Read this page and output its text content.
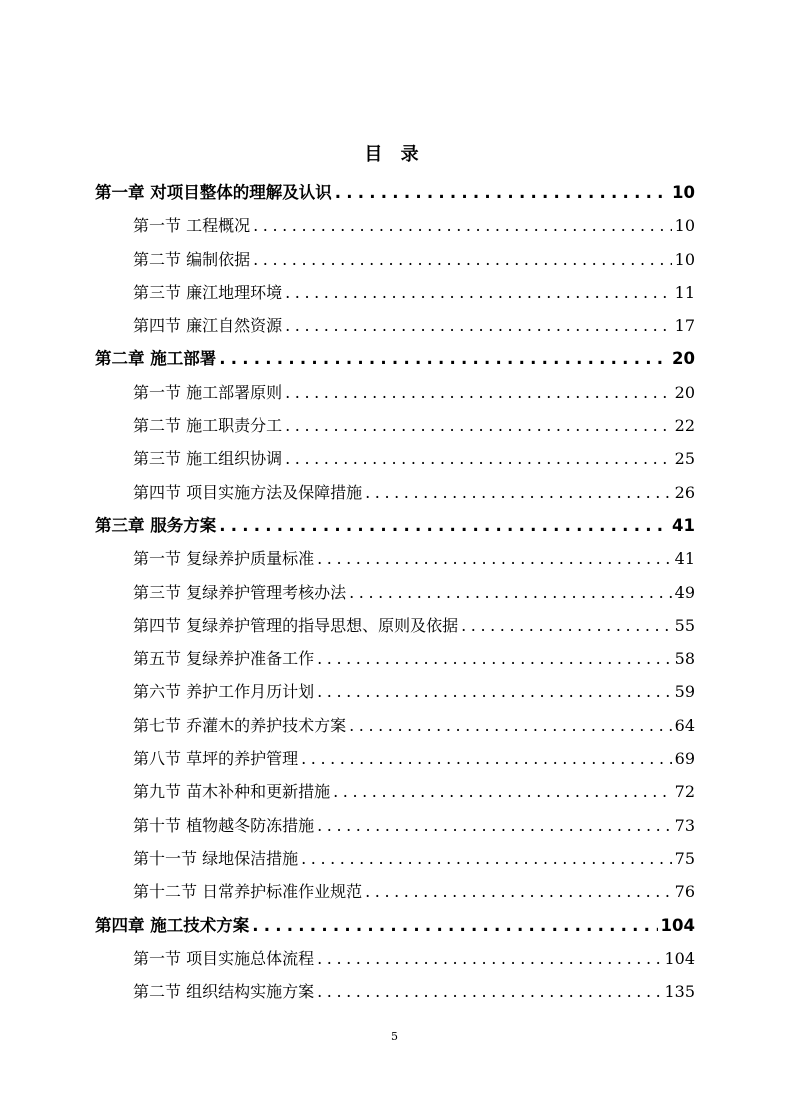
目 录
第一章 对项目整体的理解及认识 . . .	10
第一节 工程概况 . . .	10
第二节 编制依据 . . .	10
第三节 廉江地理环境 . . .	11
第四节 廉江自然资源 . . .	17
第二章 施工部署 . . .	20
第一节 施工部署原则 . . .	20
第二节 施工职责分工 . . .	22
第三节 施工组织协调 . . .	25
第四节 项目实施方法及保障措施 . . .	26
第三章 服务方案 . . .	41
第一节 复绿养护质量标准 . . .	41
第三节 复绿养护管理考核办法 . . .	49
第四节 复绿养护管理的指导思想、原则及依据 . . .	55
第五节 复绿养护准备工作 . . .	58
第六节 养护工作月历计划 . . .	59
第七节 乔灌木的养护技术方案 . . .	64
第八节 草坪的养护管理 . . .	69
第九节 苗木补种和更新措施 . . .	72
第十节 植物越冬防冻措施 . . .	73
第十一节 绿地保洁措施 . . .	75
第十二节 日常养护标准作业规范 . . .	76
第四章 施工技术方案 . . .	104
第一节 项目实施总体流程 . . .	104
第二节 组织结构实施方案 . . .	135
5
